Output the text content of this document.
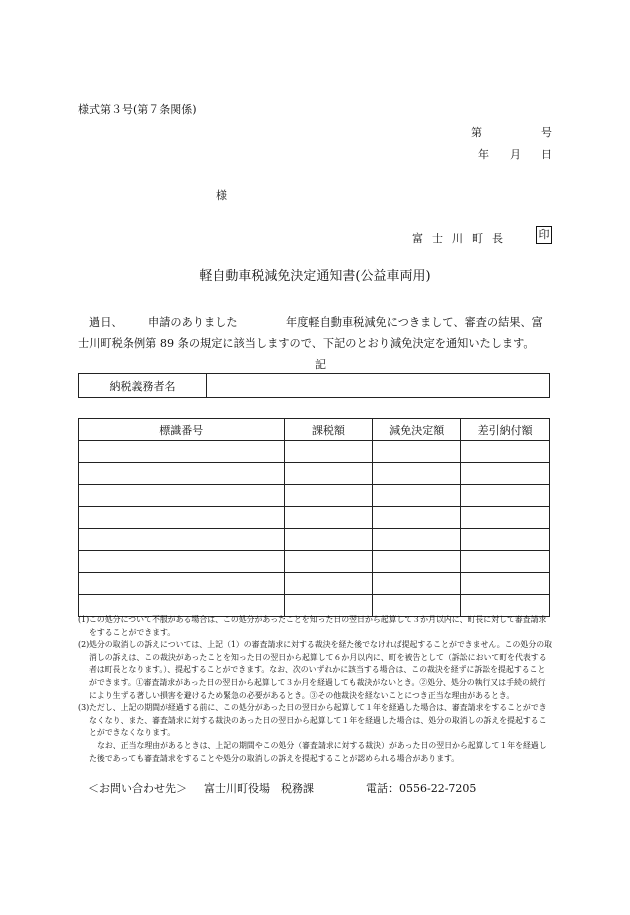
様式第３号(第７条関係)
第	号
年 月 日
様
富士川町長 印
軽自動車税減免決定通知書(公益車両用)
過日、 申請のありました	年度軽自動車税減免につきまして、審査の結果、富
士川町税条例第 89 条の規定に該当しますので、下記のとおり減免決定を通知いたします。
記
納税義務者名	
標識番号	課税額	減免決定額	差引納付額

(1) この処分について不服がある場合は、この処分があったことを知った日の翌日から起算して３か月以内に、町長に対して審査請求をすることができます。
(2) 処分の取消しの訴えについては、上記（1）の審査請求に対する裁決を経た後でなければ提起することができません。この処分の取消しの訴えは、この裁決があったことを知った日の翌日から起算して６か月以内に、町を被告として（訴訟において町を代表する者は町長となります。）、提起することができます。なお、次のいずれかに該当する場合は、この裁決を経ずに訴訟を提起することができます。①審査請求があった日の翌日から起算して３か月を経過しても裁決がないとき。②処分、処分の執行又は手続の続行により生ずる著しい損害を避けるため緊急の必要があるとき。③その他裁決を経ないことにつき正当な理由があるとき。
(3) ただし、上記の期間が経過する前に、この処分があった日の翌日から起算して１年を経過した場合は、審査請求をすることができなくなり、また、審査請求に対する裁決のあった日の翌日から起算して１年を経過した場合は、処分の取消しの訴えを提起することができなくなります。
なお、正当な理由があるときは、上記の期間やこの処分（審査請求に対する裁決）があった日の翌日から起算して１年を経過した後であっても審査請求をすることや処分の取消しの訴えを提起することが認められる場合があります。
＜お問い合わせ先＞ 富士川町役場　税務課	電話：0556-22-7205
